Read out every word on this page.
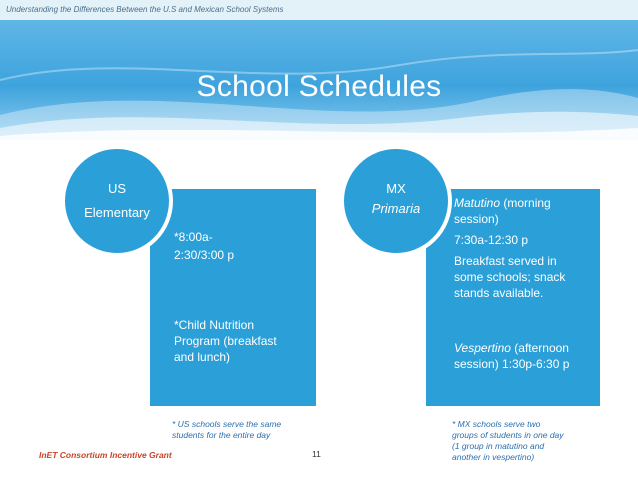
Understanding the Differences Between the U.S and Mexican School Systems
School Schedules
*8:00a-
2:30/3:00 p
*Child Nutrition
Program (breakfast
and lunch)
US
Elementary
* US schools serve the same
students for the entire day
Matutino (morning
session)
7:30a-12:30 p
Breakfast served in
some schools; snack
stands available.
Vespertino (afternoon
session) 1:30p-6:30 p
MX
Primaria
* MX schools serve two
groups of students in one day
(1 group in matutino and
another in vespertino)
InET Consortium Incentive Grant	11
